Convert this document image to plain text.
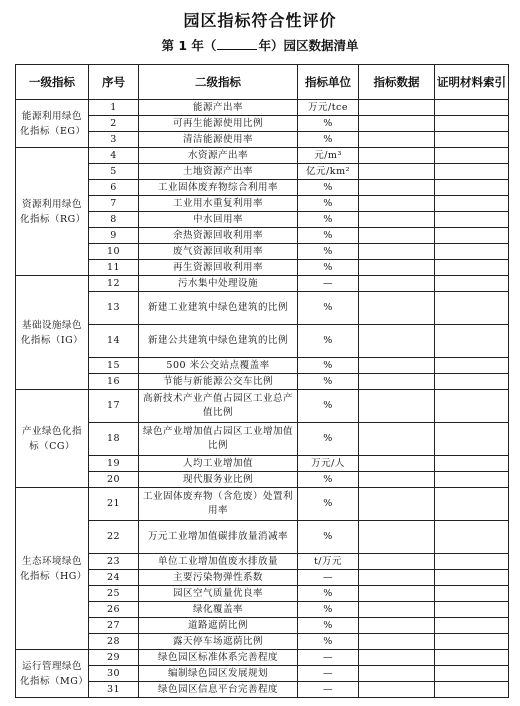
园区指标符合性评价
第 1 年（	年）园区数据清单
一级指标	序号	二级指标	指标单位	指标数据	证明材料索引
能源利用绿色化指标（EG）	1	能源产出率	万元/tce		
	2	可再生能源使用比例	%		
	3	清洁能源使用率	%		
资源利用绿色化指标（RG）	4	水资源产出率	元/m³		
	5	土地资源产出率	亿元/km²		
	6	工业固体废弃物综合利用率	%		
	7	工业用水重复利用率	%		
	8	中水回用率	%		
	9	余热资源回收利用率	%		
	10	废气资源回收利用率	%		
	11	再生资源回收利用率	%		
基础设施绿色化指标（IG）	12	污水集中处理设施	—		
	13	新建工业建筑中绿色建筑的比例	%		
	14	新建公共建筑中绿色建筑的比例	%		
	15	500 米公交站点覆盖率	%		
	16	节能与新能源公交车比例	%		
产业绿色化指标（CG）	17	高新技术产业产值占园区工业总产值比例	%		
	18	绿色产业增加值占园区工业增加值比例	%		
	19	人均工业增加值	万元/人		
	20	现代服务业比例	%		
生态环境绿色化指标（HG）	21	工业固体废弃物（含危废）处置利用率	%		
	22	万元工业增加值碳排放量消减率	%		
	23	单位工业增加值废水排放量	t/万元		
	24	主要污染物弹性系数	—		
	25	园区空气质量优良率	%		
	26	绿化覆盖率	%		
	27	道路遮荫比例	%		
	28	露天停车场遮荫比例	%		
运行管理绿色化指标（MG）	29	绿色园区标准体系完善程度	—		
	30	编制绿色园区发展规划	—		
	31	绿色园区信息平台完善程度	—		
